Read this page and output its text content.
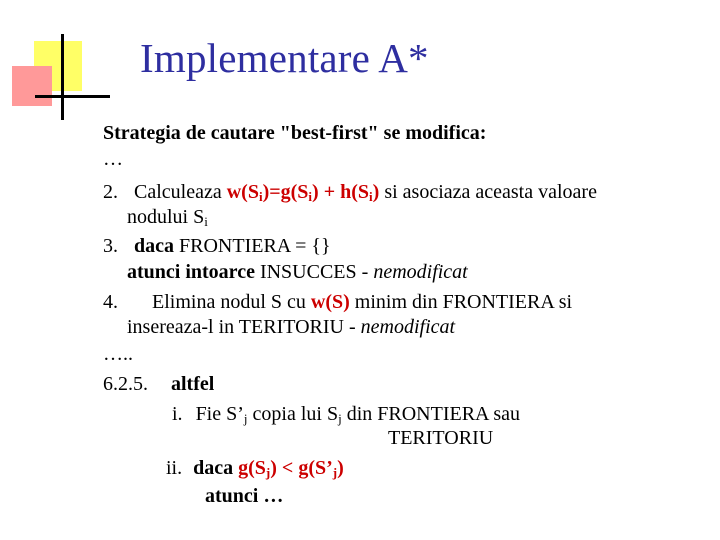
Implementare A*
Strategia de cautare "best-first" se modifica:
…
2. Calculeaza $w(S_i)=g(S_i) + h(S_i)$ si asociaza aceasta valoare
nodului $S_i$
3. daca FRONTIERA = {}
atunci intoarce INSUCCES - nemodificat
4. Elimina nodul S cu w(S) minim din FRONTIERA si
insereaza-l in TERITORIU - nemodificat
…..
6.2.5. altfel
i. Fie $S’_j$ copia lui $S_j$ din FRONTIERA sau
TERITORIU
ii. daca $g(S_j)$ < $g(S’_j)$
atunci …
